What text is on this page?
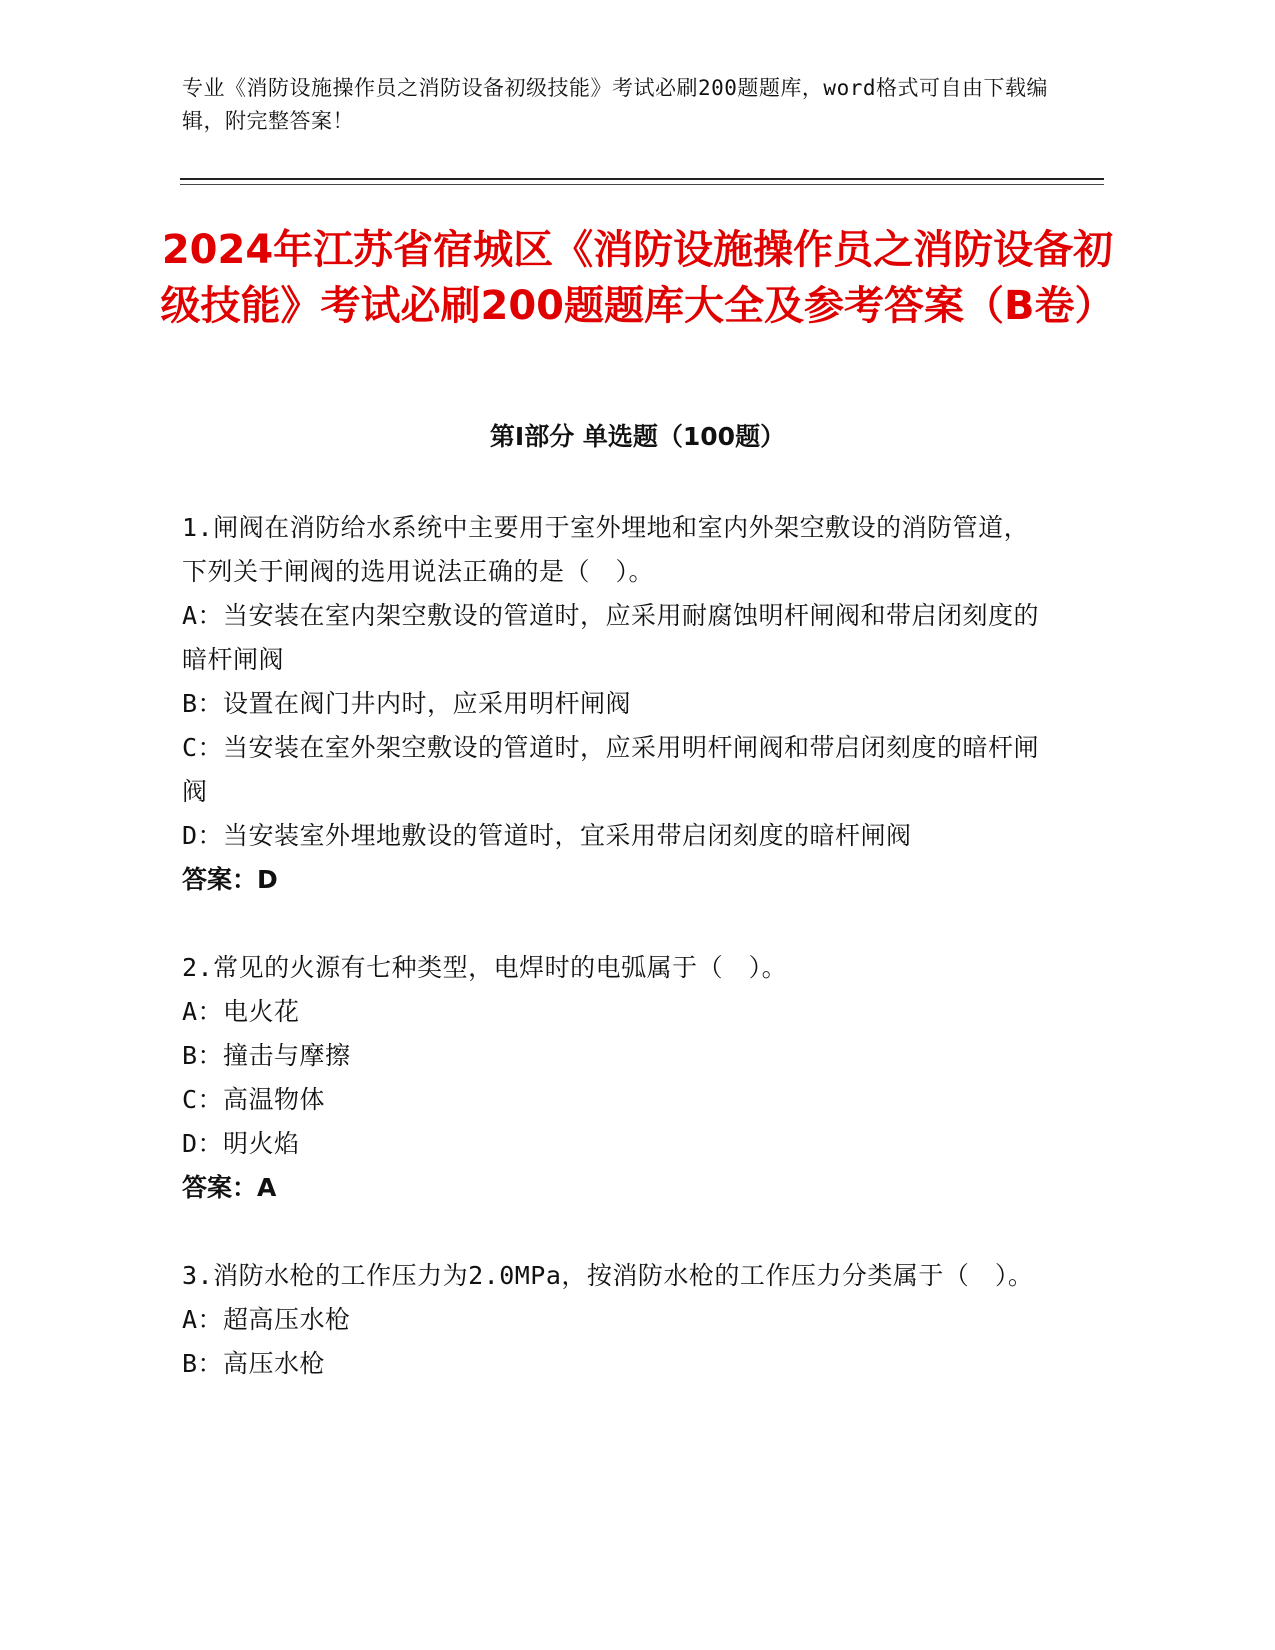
专业《消防设施操作员之消防设备初级技能》考试必刷200题题库，word格式可自由下载编辑，附完整答案！
2024年江苏省宿城区《消防设施操作员之消防设备初级技能》考试必刷200题题库大全及参考答案（B卷）
第Ⅰ部分 单选题（100题）
1.闸阀在消防给水系统中主要用于室外埋地和室内外架空敷设的消防管道，下列关于闸阀的选用说法正确的是（　）。
A：当安装在室内架空敷设的管道时，应采用耐腐蚀明杆闸阀和带启闭刻度的暗杆闸阀
B：设置在阀门井内时，应采用明杆闸阀
C：当安装在室外架空敷设的管道时，应采用明杆闸阀和带启闭刻度的暗杆闸阀
D：当安装室外埋地敷设的管道时，宜采用带启闭刻度的暗杆闸阀
答案：D
2.常见的火源有七种类型，电焊时的电弧属于（　）。
A：电火花
B：撞击与摩擦
C：高温物体
D：明火焰
答案：A
3.消防水枪的工作压力为2.0MPa，按消防水枪的工作压力分类属于（　）。
A：超高压水枪
B：高压水枪
